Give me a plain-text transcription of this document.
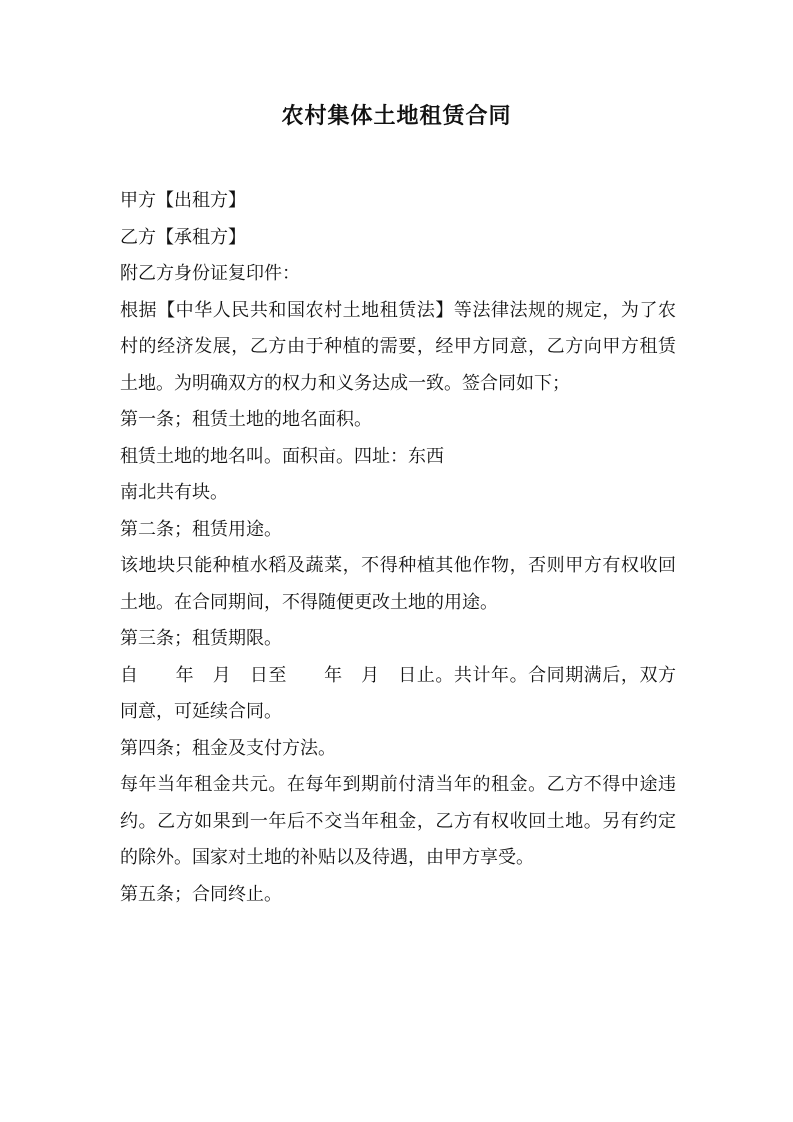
农村集体土地租赁合同
甲方【出租方】
乙方【承租方】
附乙方身份证复印件：
根据【中华人民共和国农村土地租赁法】等法律法规的规定，为了农
村的经济发展，乙方由于种植的需要，经甲方同意，乙方向甲方租赁
土地。为明确双方的权力和义务达成一致。签合同如下；
第一条；租赁土地的地名面积。
租赁土地的地名叫。面积亩。四址：东西
南北共有块。
第二条；租赁用途。
该地块只能种植水稻及蔬菜，不得种植其他作物，否则甲方有权收回
土地。在合同期间，不得随便更改土地的用途。
第三条；租赁期限。
自　　年　月　日至　　年　月　日止。共计年。合同期满后，双方
同意，可延续合同。
第四条；租金及支付方法。
每年当年租金共元。在每年到期前付清当年的租金。乙方不得中途违
约。乙方如果到一年后不交当年租金，乙方有权收回土地。另有约定
的除外。国家对土地的补贴以及待遇，由甲方享受。
第五条；合同终止。
